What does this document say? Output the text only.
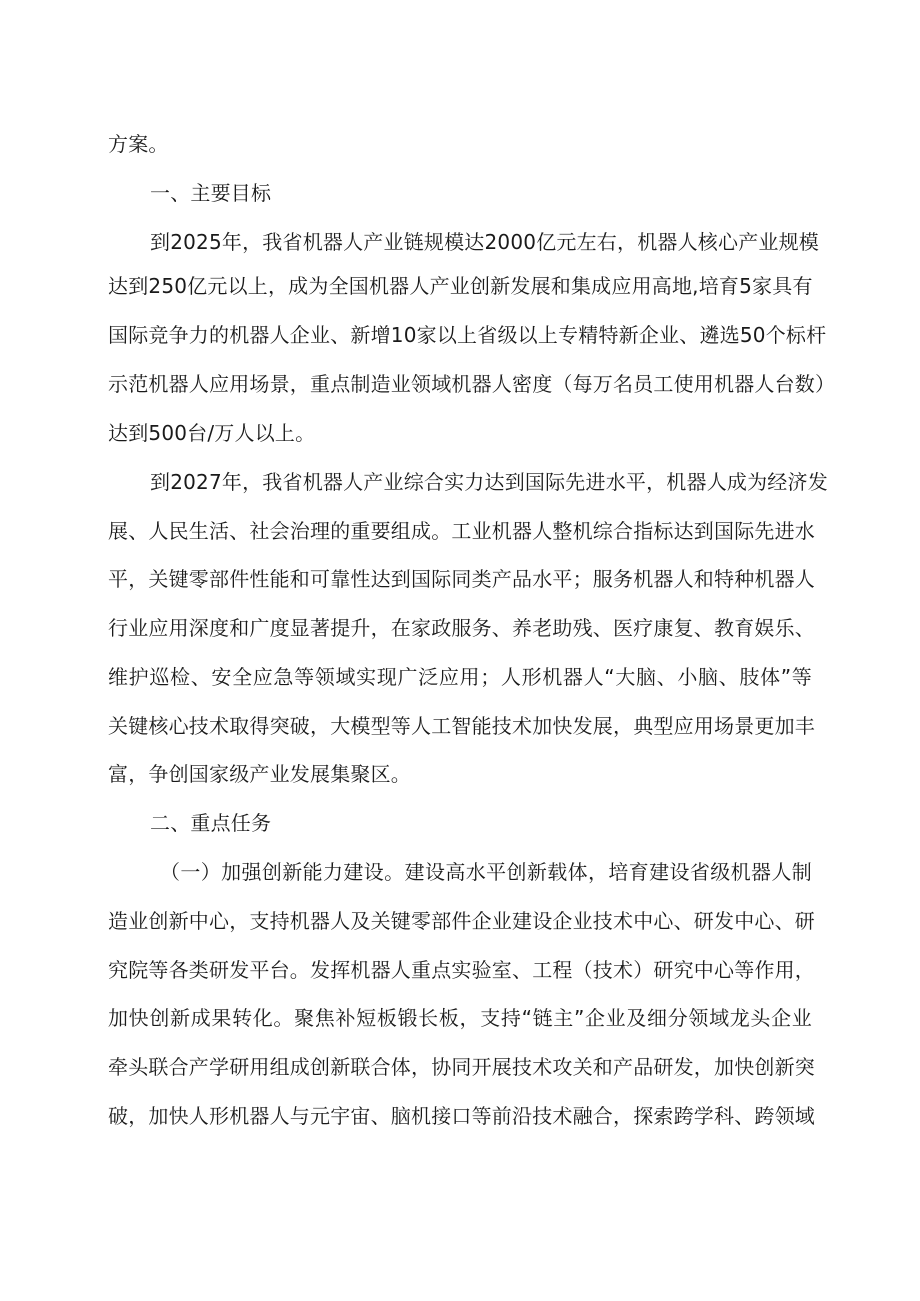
方案。
一、主要目标
到2025年，我省机器人产业链规模达2000亿元左右，机器人核心产业规模
达到250亿元以上，成为全国机器人产业创新发展和集成应用高地,培育5家具有
国际竞争力的机器人企业、新增10家以上省级以上专精特新企业、遴选50个标杆
示范机器人应用场景，重点制造业领域机器人密度（每万名员工使用机器人台数）
达到500台/万人以上。
到2027年，我省机器人产业综合实力达到国际先进水平，机器人成为经济发
展、人民生活、社会治理的重要组成。工业机器人整机综合指标达到国际先进水
平，关键零部件性能和可靠性达到国际同类产品水平；服务机器人和特种机器人
行业应用深度和广度显著提升，在家政服务、养老助残、医疗康复、教育娱乐、
维护巡检、安全应急等领域实现广泛应用；人形机器人“大脑、小脑、肢体”等
关键核心技术取得突破，大模型等人工智能技术加快发展，典型应用场景更加丰
富，争创国家级产业发展集聚区。
二、重点任务
（一）加强创新能力建设。建设高水平创新载体，培育建设省级机器人制
造业创新中心，支持机器人及关键零部件企业建设企业技术中心、研发中心、研
究院等各类研发平台。发挥机器人重点实验室、工程（技术）研究中心等作用，
加快创新成果转化。聚焦补短板锻长板，支持“链主”企业及细分领域龙头企业
牵头联合产学研用组成创新联合体，协同开展技术攻关和产品研发，加快创新突
破，加快人形机器人与元宇宙、脑机接口等前沿技术融合，探索跨学科、跨领域
